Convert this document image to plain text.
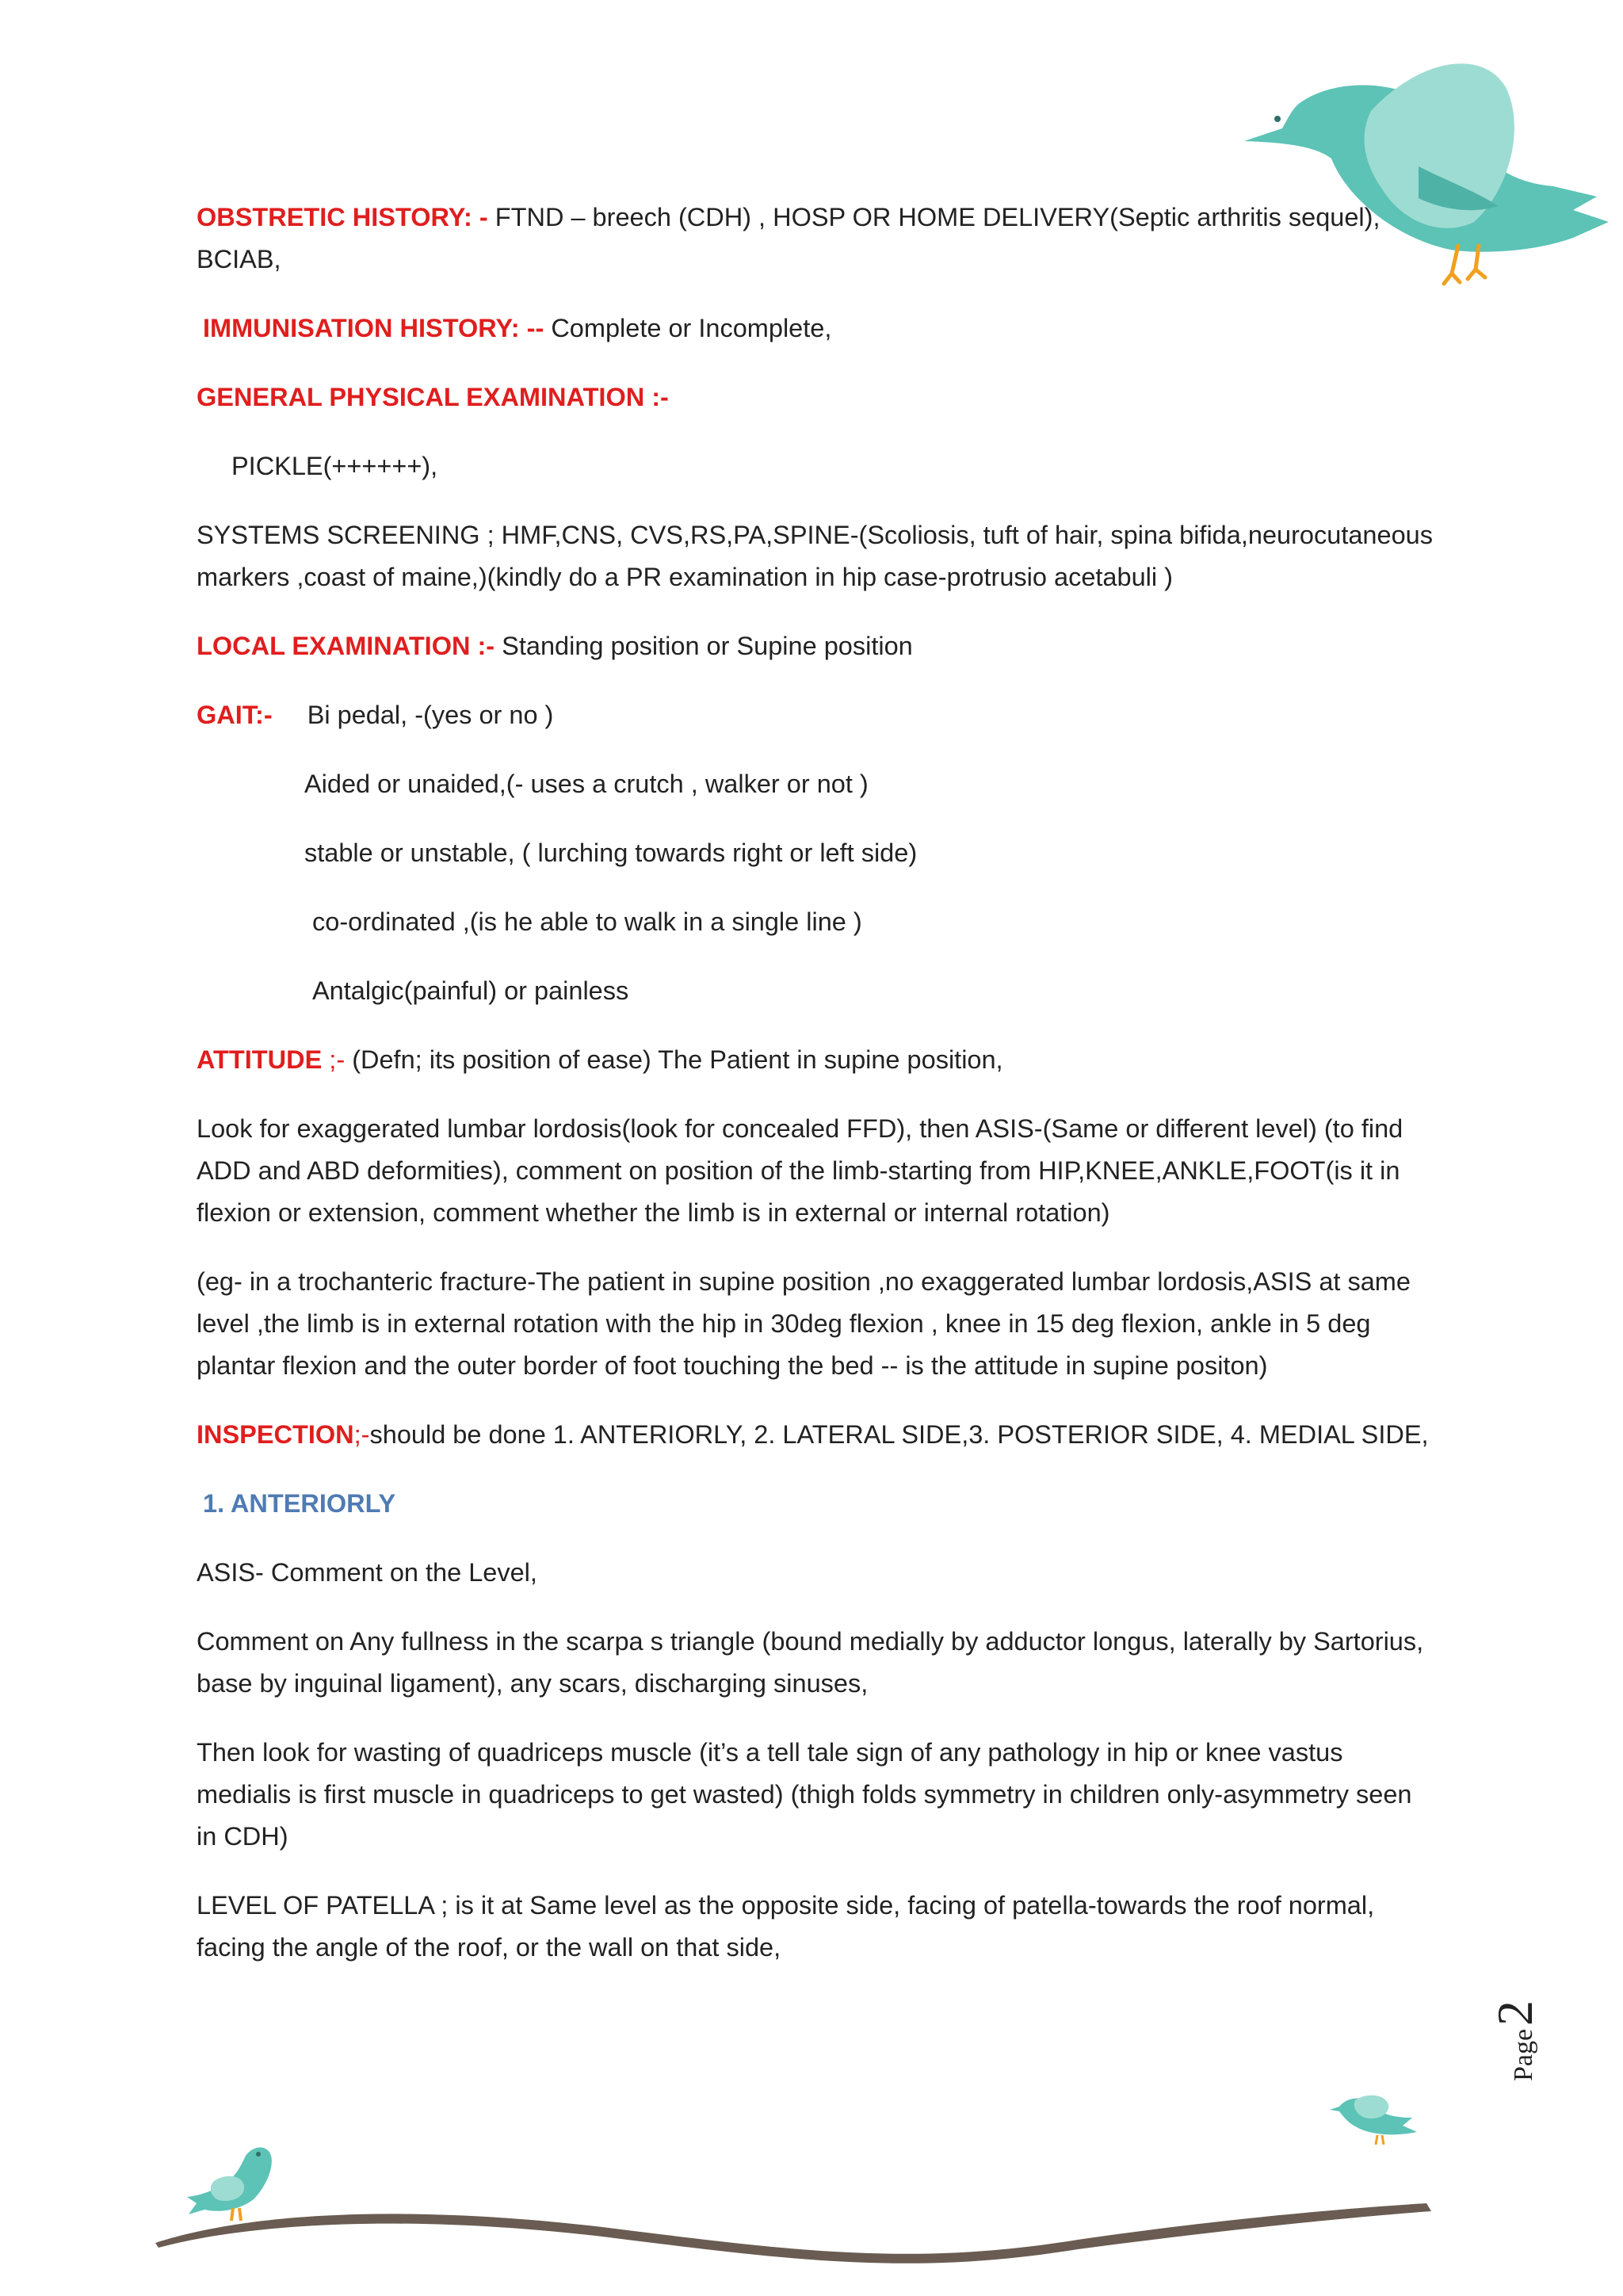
OBSTRETIC HISTORY: - FTND – breech (CDH) , HOSP OR HOME DELIVERY(Septic arthritis sequel), BCIAB,

IMMUNISATION HISTORY: -- Complete or Incomplete,

GENERAL PHYSICAL EXAMINATION :-

PICKLE(++++++),

SYSTEMS SCREENING ; HMF,CNS, CVS,RS,PA,SPINE-(Scoliosis, tuft of hair, spina bifida,neurocutaneous markers ,coast of maine,)(kindly do a PR examination in hip case-protrusio acetabuli )

LOCAL EXAMINATION :- Standing position or Supine position

GAIT:- Bi pedal, -(yes or no )

Aided or unaided,(- uses a crutch , walker or not )

stable or unstable, ( lurching towards right or left side)

co-ordinated ,(is he able to walk in a single line )

Antalgic(painful) or painless

ATTITUDE ;- (Defn; its position of ease) The Patient in supine position,

Look for exaggerated lumbar lordosis(look for concealed FFD), then ASIS-(Same or different level) (to find ADD and ABD deformities), comment on position of the limb-starting from HIP,KNEE,ANKLE,FOOT(is it in flexion or extension, comment whether the limb is in external or internal rotation)

(eg- in a trochanteric fracture-The patient in supine position ,no exaggerated lumbar lordosis,ASIS at same level ,the limb is in external rotation with the hip in 30deg flexion , knee in 15 deg flexion, ankle in 5 deg plantar flexion and the outer border of foot touching the bed -- is the attitude in supine positon)

INSPECTION;-should be done 1. ANTERIORLY, 2. LATERAL SIDE,3. POSTERIOR SIDE, 4. MEDIAL SIDE,

1. ANTERIORLY

ASIS- Comment on the Level,

Comment on Any fullness in the scarpa s triangle (bound medially by adductor longus, laterally by Sartorius, base by inguinal ligament), any scars, discharging sinuses,

Then look for wasting of quadriceps muscle (it’s a tell tale sign of any pathology in hip or knee vastus medialis is first muscle in quadriceps to get wasted) (thigh folds symmetry in children only-asymmetry seen in CDH)

LEVEL OF PATELLA ; is it at Same level as the opposite side, facing of patella-towards the roof normal, facing the angle of the roof, or the wall on that side,

Page
2
